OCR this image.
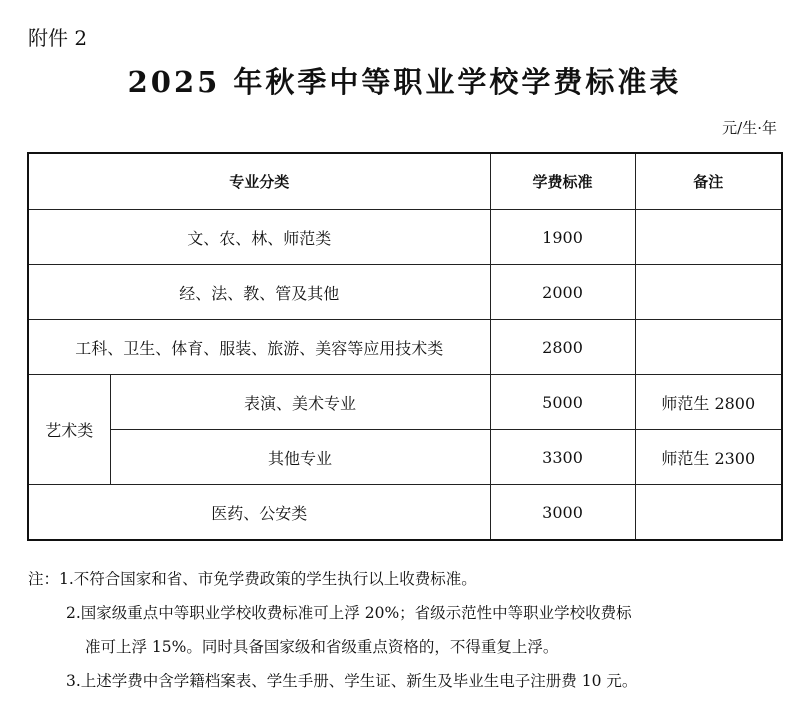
附件 2
2025 年秋季中等职业学校学费标准表
元/生·年
专业分类		学费标准	备注
文、农、林、师范类		1900	
经、法、教、管及其他		2000	
工科、卫生、体育、服装、旅游、美容等应用技术类		2800	
艺术类	表演、美术专业	5000	师范生 2800
	其他专业	3300	师范生 2300
医药、公安类		3000	
注：1.不符合国家和省、市免学费政策的学生执行以上收费标准。
2.国家级重点中等职业学校收费标准可上浮 20%；省级示范性中等职业学校收费标
准可上浮 15%。同时具备国家级和省级重点资格的，不得重复上浮。
3.上述学费中含学籍档案表、学生手册、学生证、新生及毕业生电子注册费 10 元。
